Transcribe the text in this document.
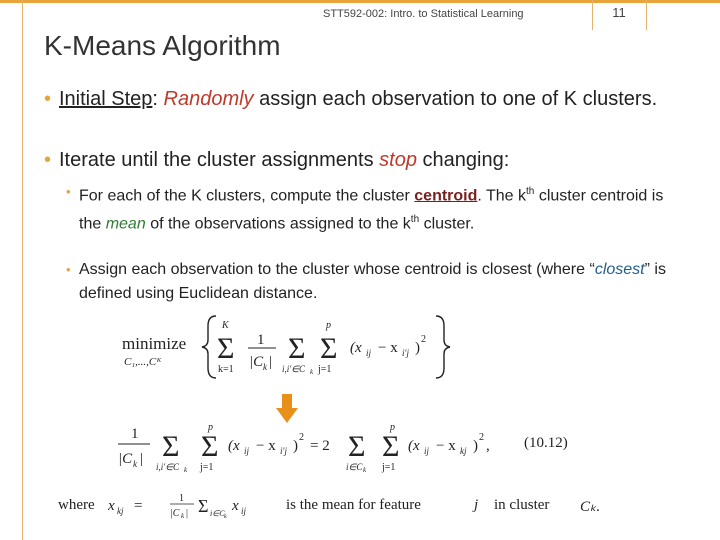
STT592-002: Intro. to Statistical Learning	11
K-Means Algorithm
• Initial Step: Randomly assign each observation to one of K clusters.
• Iterate until the cluster assignments stop changing:
• For each of the K clusters, compute the cluster centroid. The $k^{th}$ cluster centroid is the mean of the observations assigned to the $k^{th}$ cluster.
• Assign each observation to the cluster whose centroid is closest (where “closest” is defined using Euclidean distance.
minimize
C₁,...,Cᴷ
K
Σ
k=1
1
|C k | Σ
i,i′∈C k
p
Σ
j=1
(x ij − x i′j )
2
1
|C k | Σ
i,i′∈C k
p
Σ
j=1
(x ij − x i′j )
2
= 2 Σ
i∈C k
p
Σ
j=1
(x ij − x kj )
2
, (10.12)
where x kj =	1
|C k | Σ i∈C k
x ij	is the mean for feature	j in cluster Cₖ.
